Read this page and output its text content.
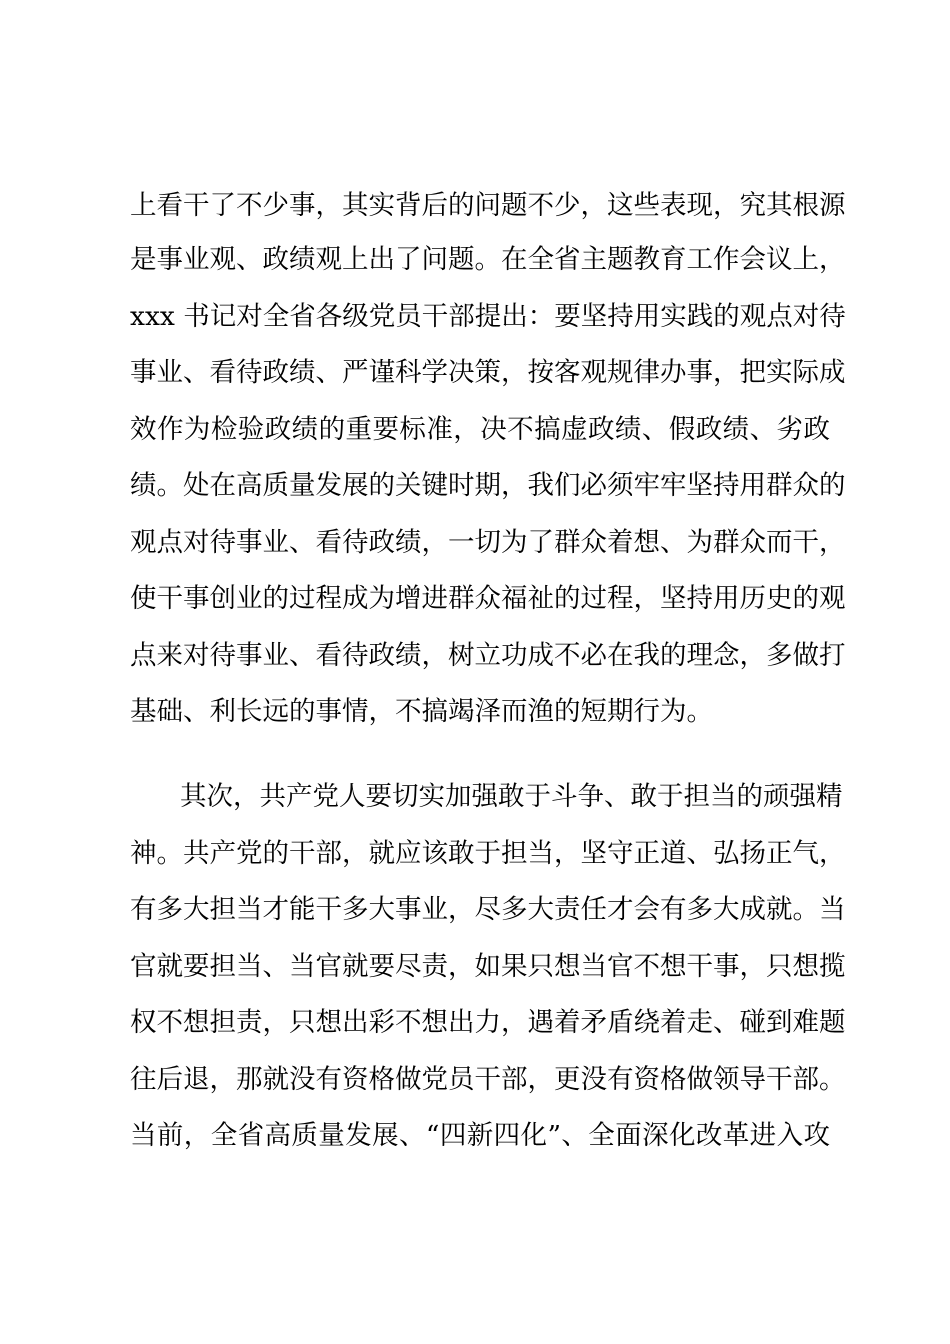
上看干了不少事，其实背后的问题不少，这些表现，究其根源

是事业观、政绩观上出了问题。在全省主题教育工作会议上，

xxx 书记对全省各级党员干部提出：要坚持用实践的观点对待

事业、看待政绩、严谨科学决策，按客观规律办事，把实际成

效作为检验政绩的重要标准，决不搞虚政绩、假政绩、劣政

绩。处在高质量发展的关键时期，我们必须牢牢坚持用群众的

观点对待事业、看待政绩，一切为了群众着想、为群众而干，

使干事创业的过程成为增进群众福祉的过程，坚持用历史的观

点来对待事业、看待政绩，树立功成不必在我的理念，多做打

基础、利长远的事情，不搞竭泽而渔的短期行为。

其次，共产党人要切实加强敢于斗争、敢于担当的顽强精

神。共产党的干部，就应该敢于担当，坚守正道、弘扬正气，

有多大担当才能干多大事业，尽多大责任才会有多大成就。当

官就要担当、当官就要尽责，如果只想当官不想干事，只想揽

权不想担责，只想出彩不想出力，遇着矛盾绕着走、碰到难题

往后退，那就没有资格做党员干部，更没有资格做领导干部。

当前，全省高质量发展、“四新四化”、全面深化改革进入攻
